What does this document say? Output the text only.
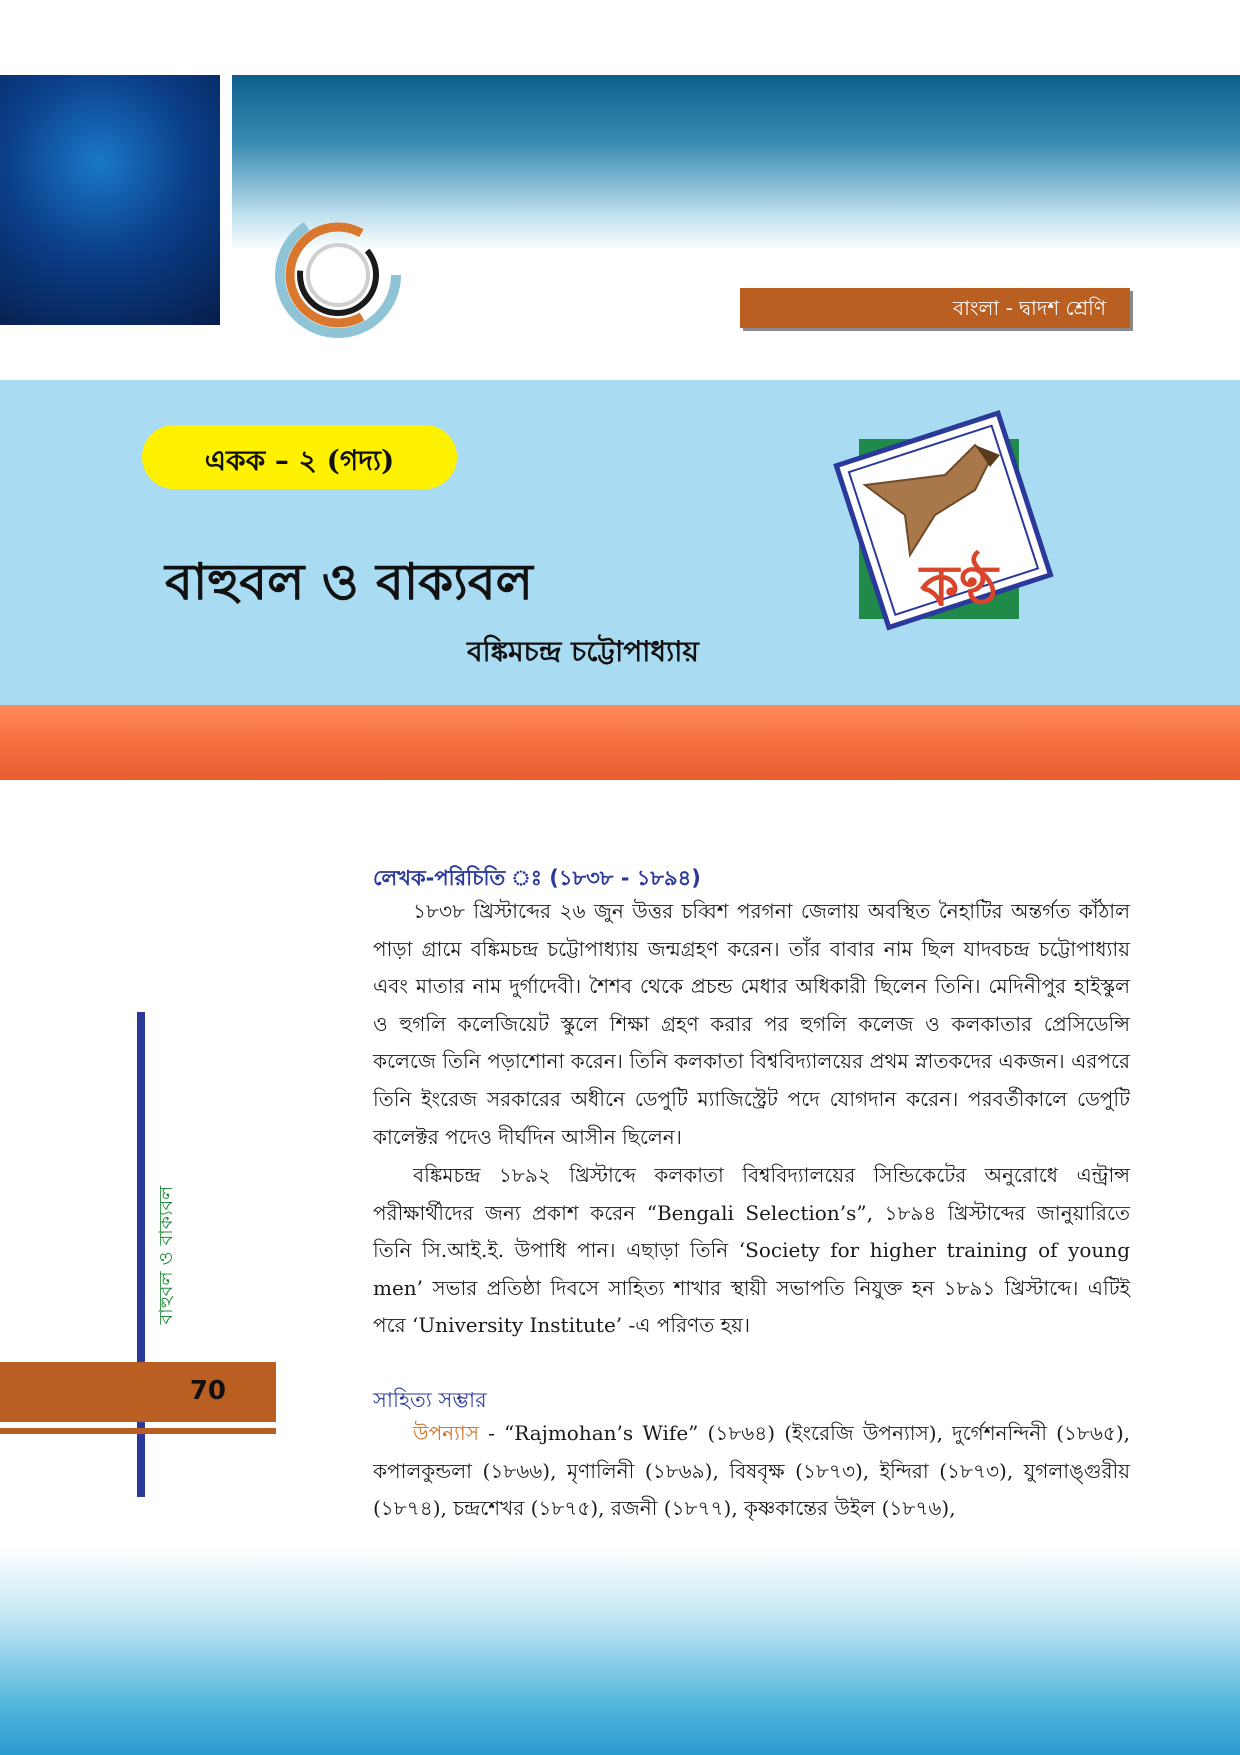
বাংলা - দ্বাদশ শ্রেণি
একক – ২ (গদ্য)
বাহুবল ও বাক্যবল
বঙ্কিমচন্দ্র চট্টোপাধ্যায়
কণ্ঠ
বাহুবল ও বাক্যবল
70
লেখক-পরিচিতি ঃ (১৮৩৮ - ১৮৯৪)

১৮৩৮ খ্রিস্টাব্দের ২৬ জুন উত্তর চব্বিশ পরগনা জেলায় অবস্থিত নৈহাটির অন্তর্গত কাঁঠাল পাড়া গ্রামে বঙ্কিমচন্দ্র চট্টোপাধ্যায় জন্মগ্রহণ করেন। তাঁর বাবার নাম ছিল যাদবচন্দ্র চট্টোপাধ্যায় এবং মাতার নাম দুর্গাদেবী। শৈশব থেকে প্রচন্ড মেধার অধিকারী ছিলেন তিনি। মেদিনীপুর হাইস্কুল ও হুগলি কলেজিয়েট স্কুলে শিক্ষা গ্রহণ করার পর হুগলি কলেজ ও কলকাতার প্রেসিডেন্সি কলেজে তিনি পড়াশোনা করেন। তিনি কলকাতা বিশ্ববিদ্যালয়ের প্রথম স্নাতকদের একজন। এরপরে তিনি ইংরেজ সরকারের অধীনে ডেপুটি ম্যাজিস্ট্রেট পদে যোগদান করেন। পরবর্তীকালে ডেপুটি কালেক্টর পদেও দীর্ঘদিন আসীন ছিলেন।

বঙ্কিমচন্দ্র ১৮৯২ খ্রিস্টাব্দে কলকাতা বিশ্ববিদ্যালয়ের সিন্ডিকেটের অনুরোধে এন্ট্রান্স পরীক্ষার্থীদের জন্য প্রকাশ করেন “Bengali Selection’s”, ১৮৯৪ খ্রিস্টাব্দের জানুয়ারিতে তিনি সি.আই.ই. উপাধি পান। এছাড়া তিনি ‘Society for higher training of young men’ সভার প্রতিষ্ঠা দিবসে সাহিত্য শাখার স্থায়ী সভাপতি নিযুক্ত হন ১৮৯১ খ্রিস্টাব্দে। এটিই পরে ‘University Institute’ -এ পরিণত হয়।

সাহিত্য সম্ভার

উপন্যাস - “Rajmohan’s Wife” (১৮৬৪) (ইংরেজি উপন্যাস), দুর্গেশনন্দিনী (১৮৬৫), কপালকুন্ডলা (১৮৬৬), মৃণালিনী (১৮৬৯), বিষবৃক্ষ (১৮৭৩), ইন্দিরা (১৮৭৩), যুগলাঙ্গুরীয় (১৮৭৪), চন্দ্রশেখর (১৮৭৫), রজনী (১৮৭৭), কৃষ্ণকান্তের উইল (১৮৭৬),
